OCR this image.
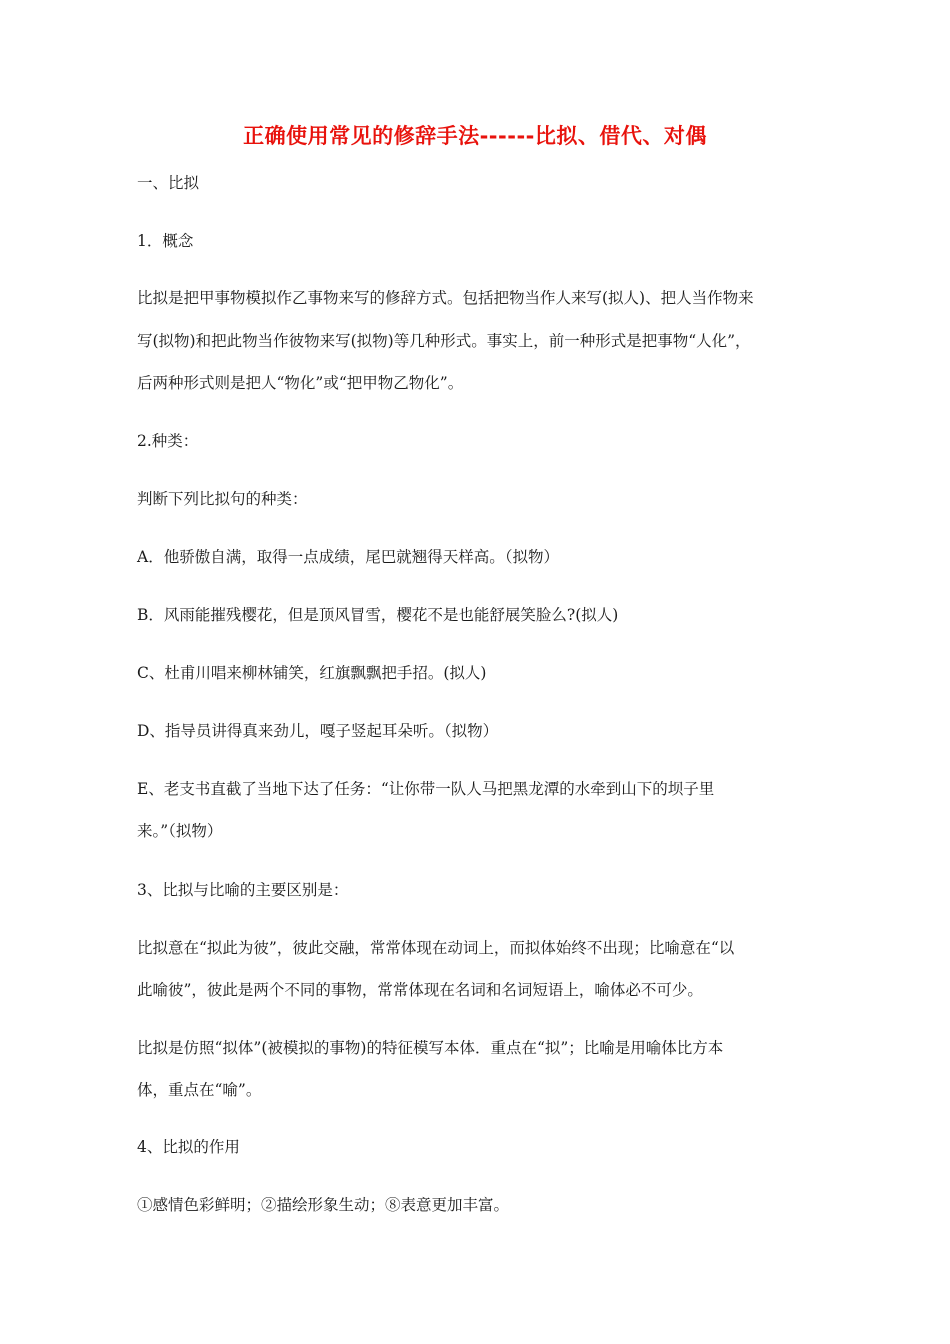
正确使用常见的修辞手法------比拟、借代、对偶
一、比拟
1．概念
比拟是把甲事物模拟作乙事物来写的修辞方式。包括把物当作人来写(拟人)、把人当作物来
写(拟物)和把此物当作彼物来写(拟物)等几种形式。事实上，前一种形式是把事物“人化”，
后两种形式则是把人“物化”或“把甲物乙物化”。
2.种类：
判断下列比拟句的种类：
A．他骄傲自满，取得一点成绩，尾巴就翘得天样高。（拟物）
B．风雨能摧残樱花，但是顶风冒雪，樱花不是也能舒展笑脸么?(拟人)
C、杜甫川唱来柳林铺笑，红旗飘飘把手招。(拟人)
D、指导员讲得真来劲儿，嘎子竖起耳朵听。（拟物）
E、老支书直截了当地下达了任务：“让你带一队人马把黑龙潭的水牵到山下的坝子里
来。”（拟物）
3、比拟与比喻的主要区别是：
比拟意在“拟此为彼”，彼此交融，常常体现在动词上，而拟体始终不出现；比喻意在“以
此喻彼”，彼此是两个不同的事物，常常体现在名词和名词短语上，喻体必不可少。
比拟是仿照“拟体”(被模拟的事物)的特征模写本体．重点在“拟”；比喻是用喻体比方本
体，重点在“喻”。
4、比拟的作用
①感情色彩鲜明；②描绘形象生动；⑧表意更加丰富。
